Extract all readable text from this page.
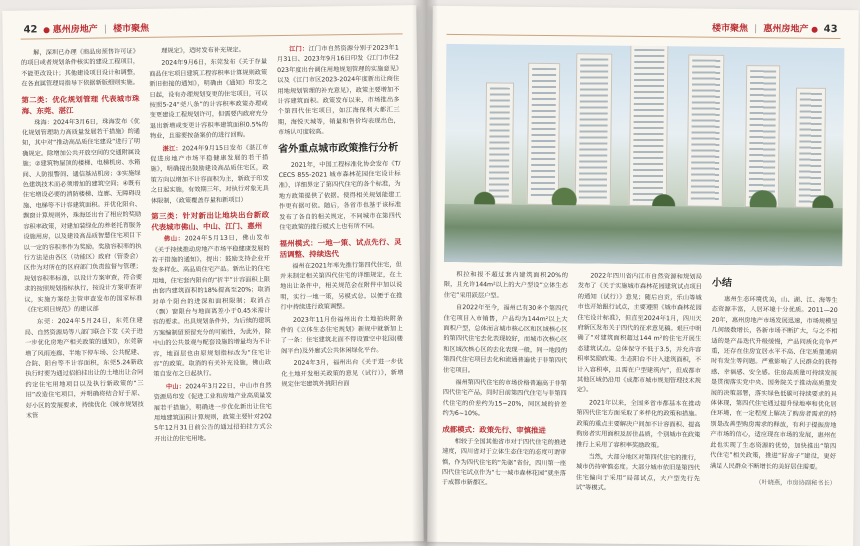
42 惠州房地产 | 楼市聚焦

解，深圳已办理《商品房预售许可证》的项目或者规划条件核实的建设工程项目，不能更改设计；其他建设项目设计和调整，在各直属管理局指导下依据新版细则实施。

第二类：优化规划管理 代表城市珠海、东莞、湛江

珠海：2024年3月6日，珠海发布《优化规划管理助力高质量发展若干措施》的通知，其中对“推动高品质住宅建设”进行了明确规定。除增加公共开放空间的交通附属设施；②建筑物屋顶的楼梯、电梯机房、水箱间、人防报警间、通信基站机房；③实施绿色建筑技术而必须增加的建筑空间；④既有住宅增设必要的消防楼梯、连廊、无障碍设施、电梯等不计容建筑面积。并优化阳台、飘窗计算规则外，珠海还出台了相应的奖励容积率政策，对建加装绿化的养老托育服务设施用房，以及建设高品质智慧住宅项目下以一定的容积率作为奖励。奖励容积率的执行方法是由各区（功能区）政府（管委会）区作为对所在的区府部门负责监督与管理；规划容积率标准，以设计方案审查，符合要求的按照规划指标执行，按设计方案审查评议，实施方案经主管审查发布的国家标准《住宅项目规范》的建议部

东莞：2024年5月24日，东莞住建局、自然资源局等八部门联合下发《关于进一步优化房地产相关政策的通知》，东莞新增了风雨连廊、半地下停车场、公共配建、合院、阳台等不计容面积，东莞5.24新政执行时要为通过招拍挂出让的土地出让合同约定住宅用地项目以及执行新政策的“三旧”改造住宅项目，并明确将结合好于原、好小区的发展要求，持续优化《城市规划技术管

理规定》，适时发布补充规定。

2024年9月6日，东莞发布《关于存量商品住宅项目建筑工程容积率计算规则政策新旧衔接的通知》，明确由《通知》印发之日起，设有办理规划变更的住宅项目，可以按照5-24“莞八条”的计容积率政策办理或变更建设工程规划许可，但需要内政府充分退出新增或变更计容积率建筑面积0.5%的物业，且需要按备案价的进行回购。

湛江：2024年9月15日发布《湛江市促进房地产市场平稳健康发展的若干措施》，明确提出鼓励建设高品质住宅区，政策方向以增加不计容面积为主，新政于印发之日起实施，有效期三年，对执行对象无具体限制，（政策覆盖存量和新项目）

第三类：针对新出让地块出台新政 代表城市佛山、中山、江门、惠州

佛山：2024年5月13日，佛山发布《关于持续推动房地产市场平稳健康发展的若干措施的通知》，提出：鼓励支持企业开发多样化、高品质住宅产品。新出让的住宅用地，住宅套内阳台的“折半”计容面积上限由套内建筑面积的18%提高至20%；取消对单个阳台的进深和面积限制；取消占（飘）窗限台与地面离差小于0.45米需计容的要求。出具规划条件外，为后续的建筑方案编制留预留充分的可能性，为此外，除中山的公共景观与配套设施的增量均为不计容，地面层也由原规划指标改为“住宅计容”的政策。取消的有关补充设施，佛山政策自发布之日起执行。

中山：2024年3月22日，中山市自然资源局印发《促进工业和房地产业高质量发展若干措施》，明确进一步优化新出让住宅用地建筑面积计算规则，政策主要针对2025年12月31日前公告的通过招拍挂方式公开出让的住宅用地。

江门：江门市自然资源分别于2023年1月31日、2023年9月16日印发《江门市住2023年度出台调住用地规划管理的实施意见》以及《江门市区2023-2024年度新出让商住用地规划管理的补充意见》，政策主要增加不计容建筑面积。政策发布以来，市场推出多个第四代住宅项目，如江海保利大都汇三期，海悦天城等，销量和售价均表现出色，市场认可度较高。

省外重点城市政策推行分析

2021年，中国工程标准化协会发布《T/CECS 855-2021 城市森林花园住宅设计标准》，详细界定了第四代住宅的各个标准，为地方政策提供了依据。使得相关规划能建工作更有据可依。随后，各省市也基于该标准发布了各自的相关规定，不同城市在第四代住宅政策的推行模式上也有所不同。

福州模式：一地一策、试点先行、灵活调整、持续迭代

福州在2021年率先推行第四代住宅，但并未制定相关第四代住宅的详细规定，在土地出让条件中，相关规范会在附件中加以说明，实行一地一策，另模式总，以便于在推行中持续进行政策调整。

2023年11月份福州出台土地拍块附条件的《立体生态住宅规划》新规中就新加上了一条：住宅建筑北面不得设置空中花园(楼阁平台)及外廊式公共休闲绿化平台。

2024年3月，福州出台《关于进一步优化土地开发相关政策的意见（试行）》，新增规定住宅建筑外挑阳台面

楼市聚焦 | 惠州房地产 43

积拉和报不超过套内建筑面积20%的限，且允许144m²以上的大户型设“立体生态住宅”采用跃层户型。

自2022年至今，福州已有30多个第四代住宅项目入市销售，户品均为144m²以上大面积户型，总体而言城市核心区和区域核心区的第四代住宅去化表现较好，而城市次核心区和区域次核心区的去化表现一般，同一地段的第四代住宅项目去化和流通普遍优于非第四代住宅项目。

福州第四代住宅的市场价格普遍高于非第四代住宅产品，同时目前第四代住宅与非第四代住宅的价差约为15~20%，同区域的价差约为6~10%。

成都模式：政策先行、审慎推进

相较于全国其他省市对于四代住宅的推进速度，四川省对于立体生态住宅的态度可谓审慎，作为四代住宅的“先驱”省份，四川第一座四代住宅试点作为“七一城市森林花园”就坐落于成都市新都区。

2022年四川省内江市自然资源和规划局发布了《关于实施城市森林花园建筑试点项目的通知（试行）》意见；随后自贡，乐山等城市也开始跟行试点，主要遵照《城市森林花园住宅设计标准》，但直至2024年1月，四川天府新区发布关于四代的征求意见稿。艰巨中明确了“对建筑面积超过144 m²的住宅开展生态建筑试点。总体保守不低于3.5，并允许容积率奖励政策。生态阳台不计入建筑面积，不计入容积率，且需在户型建筑内”，但成都市其他区域仍沿用《成都市城市规划管理技术规定》。

2021年以来，全国多省市都基本在推动第四代住宅方面采取了多样化的政策和措施。政策的重点主要解决户间加不计容面积、提高购房者实用面积及居住品质，个别城市在政策推行上采用了容积率奖励政策。

当然，大部分地区对第四代住宅的推行，城市仍持审慎态度。大部分城市依旧是第四代住宅偏向于采用“局部试点，大户型先行先试”等模式。

小结

惠州生态环境优美，山、湖、江、海等生态资源丰富，人居环境十分优质。2011—2020年，惠州房地产市场发展迅速，市场规模呈几何级数增长，各新市场不断扩大，与之不相适的是产品迭代升级缓慢，产品同质化竞争严重，还存在住房宜居水平不高、住宅质量通病时有发生等问题。严重影响了人民群众的获得感、幸福感、安全感。住房高质量可持续发展是贯彻落实党中央、国务院关于推动高质量发展的决策部署，落实绿色低碳可持续要求的具体体现，第四代住宅通过提升绿地率和优化居住环境，在一定程度上解决了购房者需求的特别是改善型购房需求的释放，有利于提振房地产市场的信心，适应现在市场的发展，惠州在此也实现了生态资源的优势，加快推出“第四代住宅”相关政策，推进“好房子”建设，更好满足人民群众不断增长的美好居住需要。

（叶晓燕，市房协副秘书长）
